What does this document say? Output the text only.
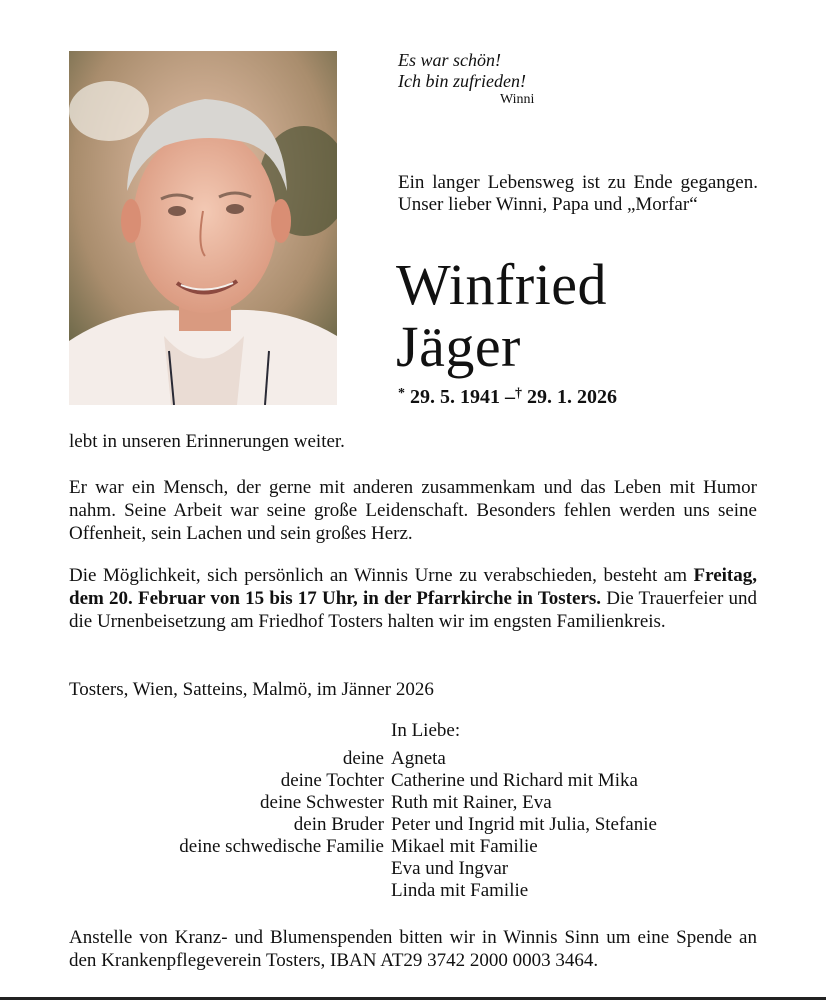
Es war schön!
Ich bin zufrieden!
Winni
Ein langer Lebensweg ist zu Ende gegangen. Unser lieber Winni, Papa und „Morfar“
Winfried
Jäger
* 29. 5. 1941 –† 29. 1. 2026

lebt in unseren Erinnerungen weiter.

Er war ein Mensch, der gerne mit anderen zusammenkam und das Leben mit Humor nahm. Seine Arbeit war seine große Leidenschaft. Besonders fehlen werden uns seine Offenheit, sein Lachen und sein großes Herz.

Die Möglichkeit, sich persönlich an Winnis Urne zu verabschieden, besteht am Freitag, dem 20. Februar von 15 bis 17 Uhr, in der Pfarrkirche in Tosters. Die Trauerfeier und die Urnenbeisetzung am Friedhof Tosters halten wir im engsten Familienkreis.

Tosters, Wien, Satteins, Malmö, im Jänner 2026

In Liebe:
deine Agneta
deine Tochter Catherine und Richard mit Mika
deine Schwester Ruth mit Rainer, Eva
dein Bruder Peter und Ingrid mit Julia, Stefanie
deine schwedische Familie Mikael mit Familie
Eva und Ingvar
Linda mit Familie

Anstelle von Kranz- und Blumenspenden bitten wir in Winnis Sinn um eine Spende an den Krankenpflegeverein Tosters, IBAN AT29 3742 2000 0003 3464.
